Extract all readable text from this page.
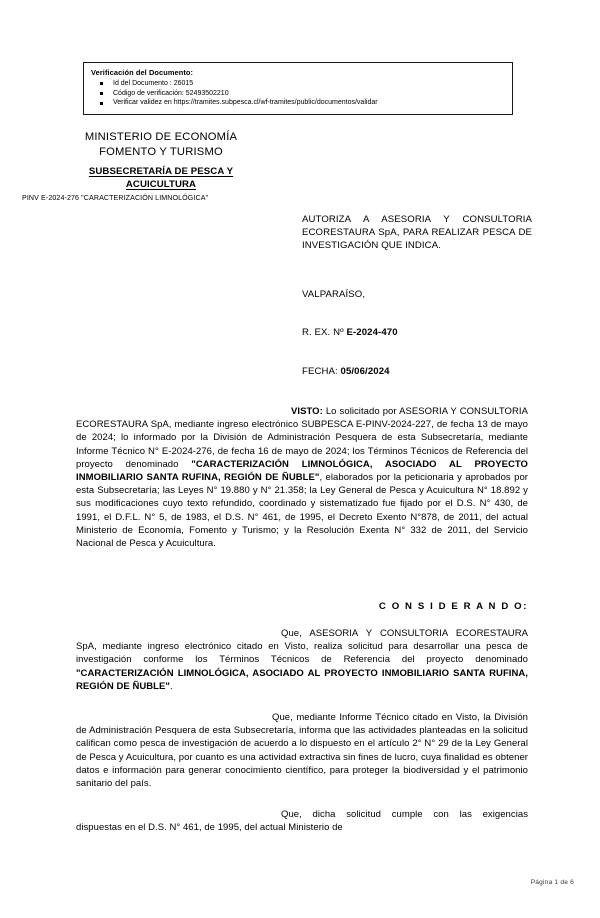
Verificación del Documento:
Id del Documento : 26015
Código de verificación: 52493502210
Verificar validez en https://tramites.subpesca.cl/wf-tramites/public/documentos/validar
MINISTERIO DE ECONOMÍA
FOMENTO Y TURISMO
SUBSECRETARÍA DE PESCA Y
ACUICULTURA
PINV E-2024-276 "CARACTERIZACIÓN LIMNOLÓGICA"
AUTORIZA A ASESORIA Y CONSULTORIA ECORESTAURA SpA, PARA REALIZAR PESCA DE INVESTIGACIÓN QUE INDICA.
VALPARAÍSO,
R. EX. Nº E-2024-470
FECHA: 05/06/2024

VISTO: Lo solicitado por ASESORIA Y CONSULTORIA ECORESTAURA SpA, mediante ingreso electrónico SUBPESCA E-PINV-2024-227, de fecha 13 de mayo de 2024; lo informado por la División de Administración Pesquera de esta Subsecretaría, mediante Informe Técnico N° E-2024-276, de fecha 16 de mayo de 2024; los Términos Técnicos de Referencia del proyecto denominado "CARACTERIZACIÓN LIMNOLÓGICA, ASOCIADO AL PROYECTO INMOBILIARIO SANTA RUFINA, REGIÓN DE ÑUBLE", elaborados por la peticionaria y aprobados por esta Subsecretaría; las Leyes N° 19.880 y N° 21.358; la Ley General de Pesca y Acuicultura N° 18.892 y sus modificaciones cuyo texto refundido, coordinado y sistematizado fue fijado por el D.S. N° 430, de 1991, el D.F.L. N° 5, de 1983, el D.S. N° 461, de 1995, el Decreto Exento N°878, de 2011, del actual Ministerio de Economía, Fomento y Turismo; y la Resolución Exenta N° 332 de 2011, del Servicio Nacional de Pesca y Acuicultura.

C O N S I D E R A N D O:

Que, ASESORIA Y CONSULTORIA ECORESTAURA SpA, mediante ingreso electrónico citado en Visto, realiza solicitud para desarrollar una pesca de investigación conforme los Términos Técnicos de Referencia del proyecto denominado "CARACTERIZACIÓN LIMNOLÓGICA, ASOCIADO AL PROYECTO INMOBILIARIO SANTA RUFINA, REGIÓN DE ÑUBLE".

Que, mediante Informe Técnico citado en Visto, la División de Administración Pesquera de esta Subsecretaría, informa que las actividades planteadas en la solicitud califican como pesca de investigación de acuerdo a lo dispuesto en el artículo 2° N° 29 de la Ley General de Pesca y Acuicultura, por cuanto es una actividad extractiva sin fines de lucro, cuya finalidad es obtener datos e información para generar conocimiento científico, para proteger la biodiversidad y el patrimonio sanitario del país.

Que, dicha solicitud cumple con las exigencias dispuestas en el D.S. N° 461, de 1995, del actual Ministerio de

Página 1 de 6
